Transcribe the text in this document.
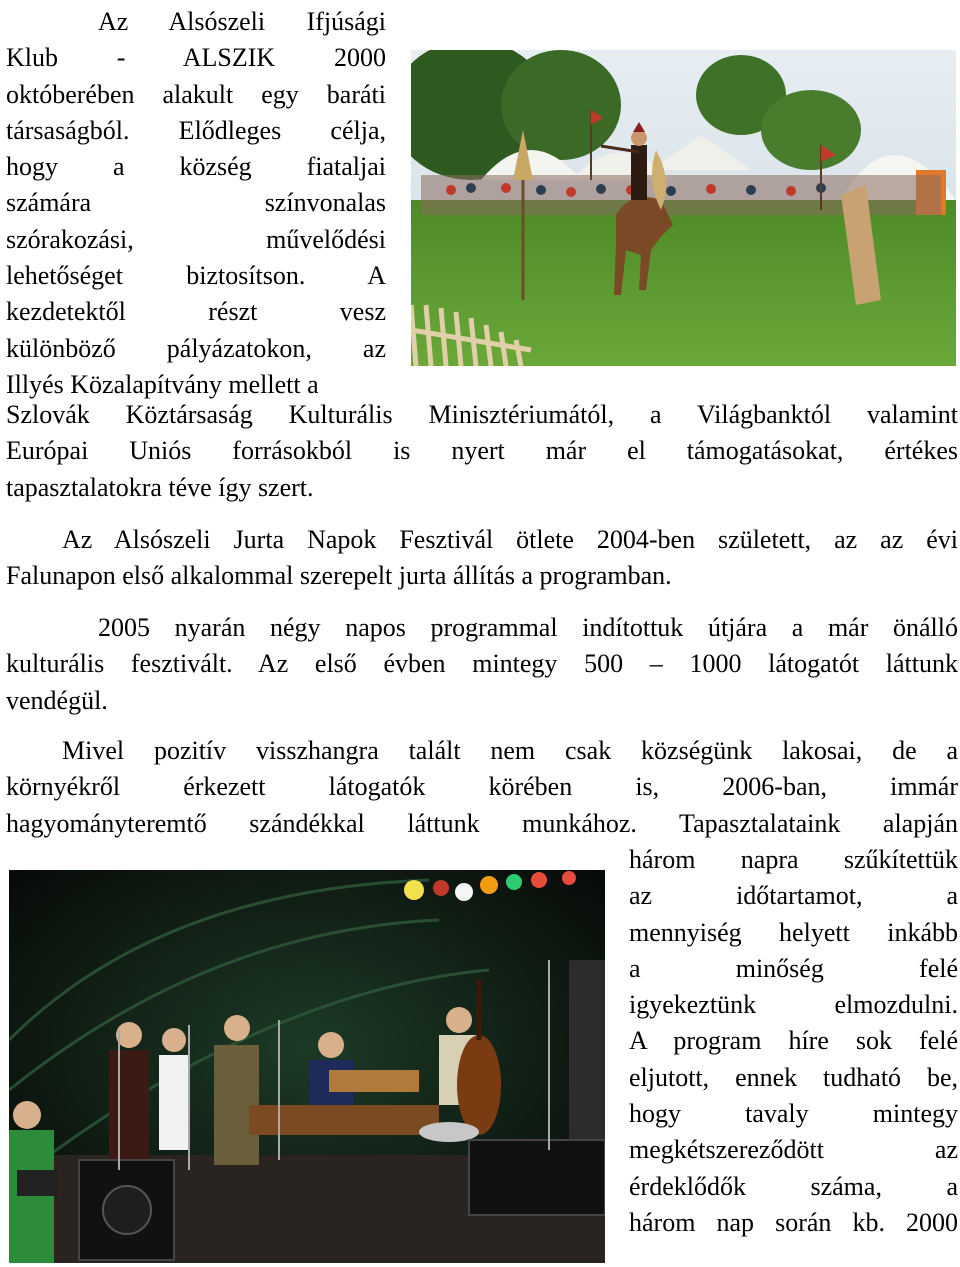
Az Alsószeli Ifjúsági
Klub - ALSZIK 2000
októberében alakult egy baráti
társaságból. Elődleges célja,
hogy a község fiataljai
számára színvonalas
szórakozási, művelődési
lehetőséget biztosítson. A
kezdetektől részt vesz
különböző pályázatokon, az
Illyés Közalapítvány mellett a
Szlovák Köztársaság Kulturális Minisztériumától, a Világbanktól valamint
Európai Uniós forrásokból is nyert már el támogatásokat, értékes
tapasztalatokra téve így szert.
Az Alsószeli Jurta Napok Fesztivál ötlete 2004-ben született, az az évi
Falunapon első alkalommal szerepelt jurta állítás a programban.
2005 nyarán négy napos programmal indítottuk útjára a már önálló
kulturális fesztivált. Az első évben mintegy 500 – 1000 látogatót láttunk
vendégül.
Mivel pozitív visszhangra talált nem csak községünk lakosai, de a
környékről érkezett látogatók körében is, 2006-ban, immár
hagyományteremtő szándékkal láttunk munkához. Tapasztalataink alapján
három napra szűkítettük
az időtartamot, a
mennyiség helyett inkább
a minőség felé
igyekeztünk elmozdulni.
A program híre sok felé
eljutott, ennek tudható be,
hogy tavaly mintegy
megkétszereződött az
érdeklődők száma, a
három nap során kb. 2000
